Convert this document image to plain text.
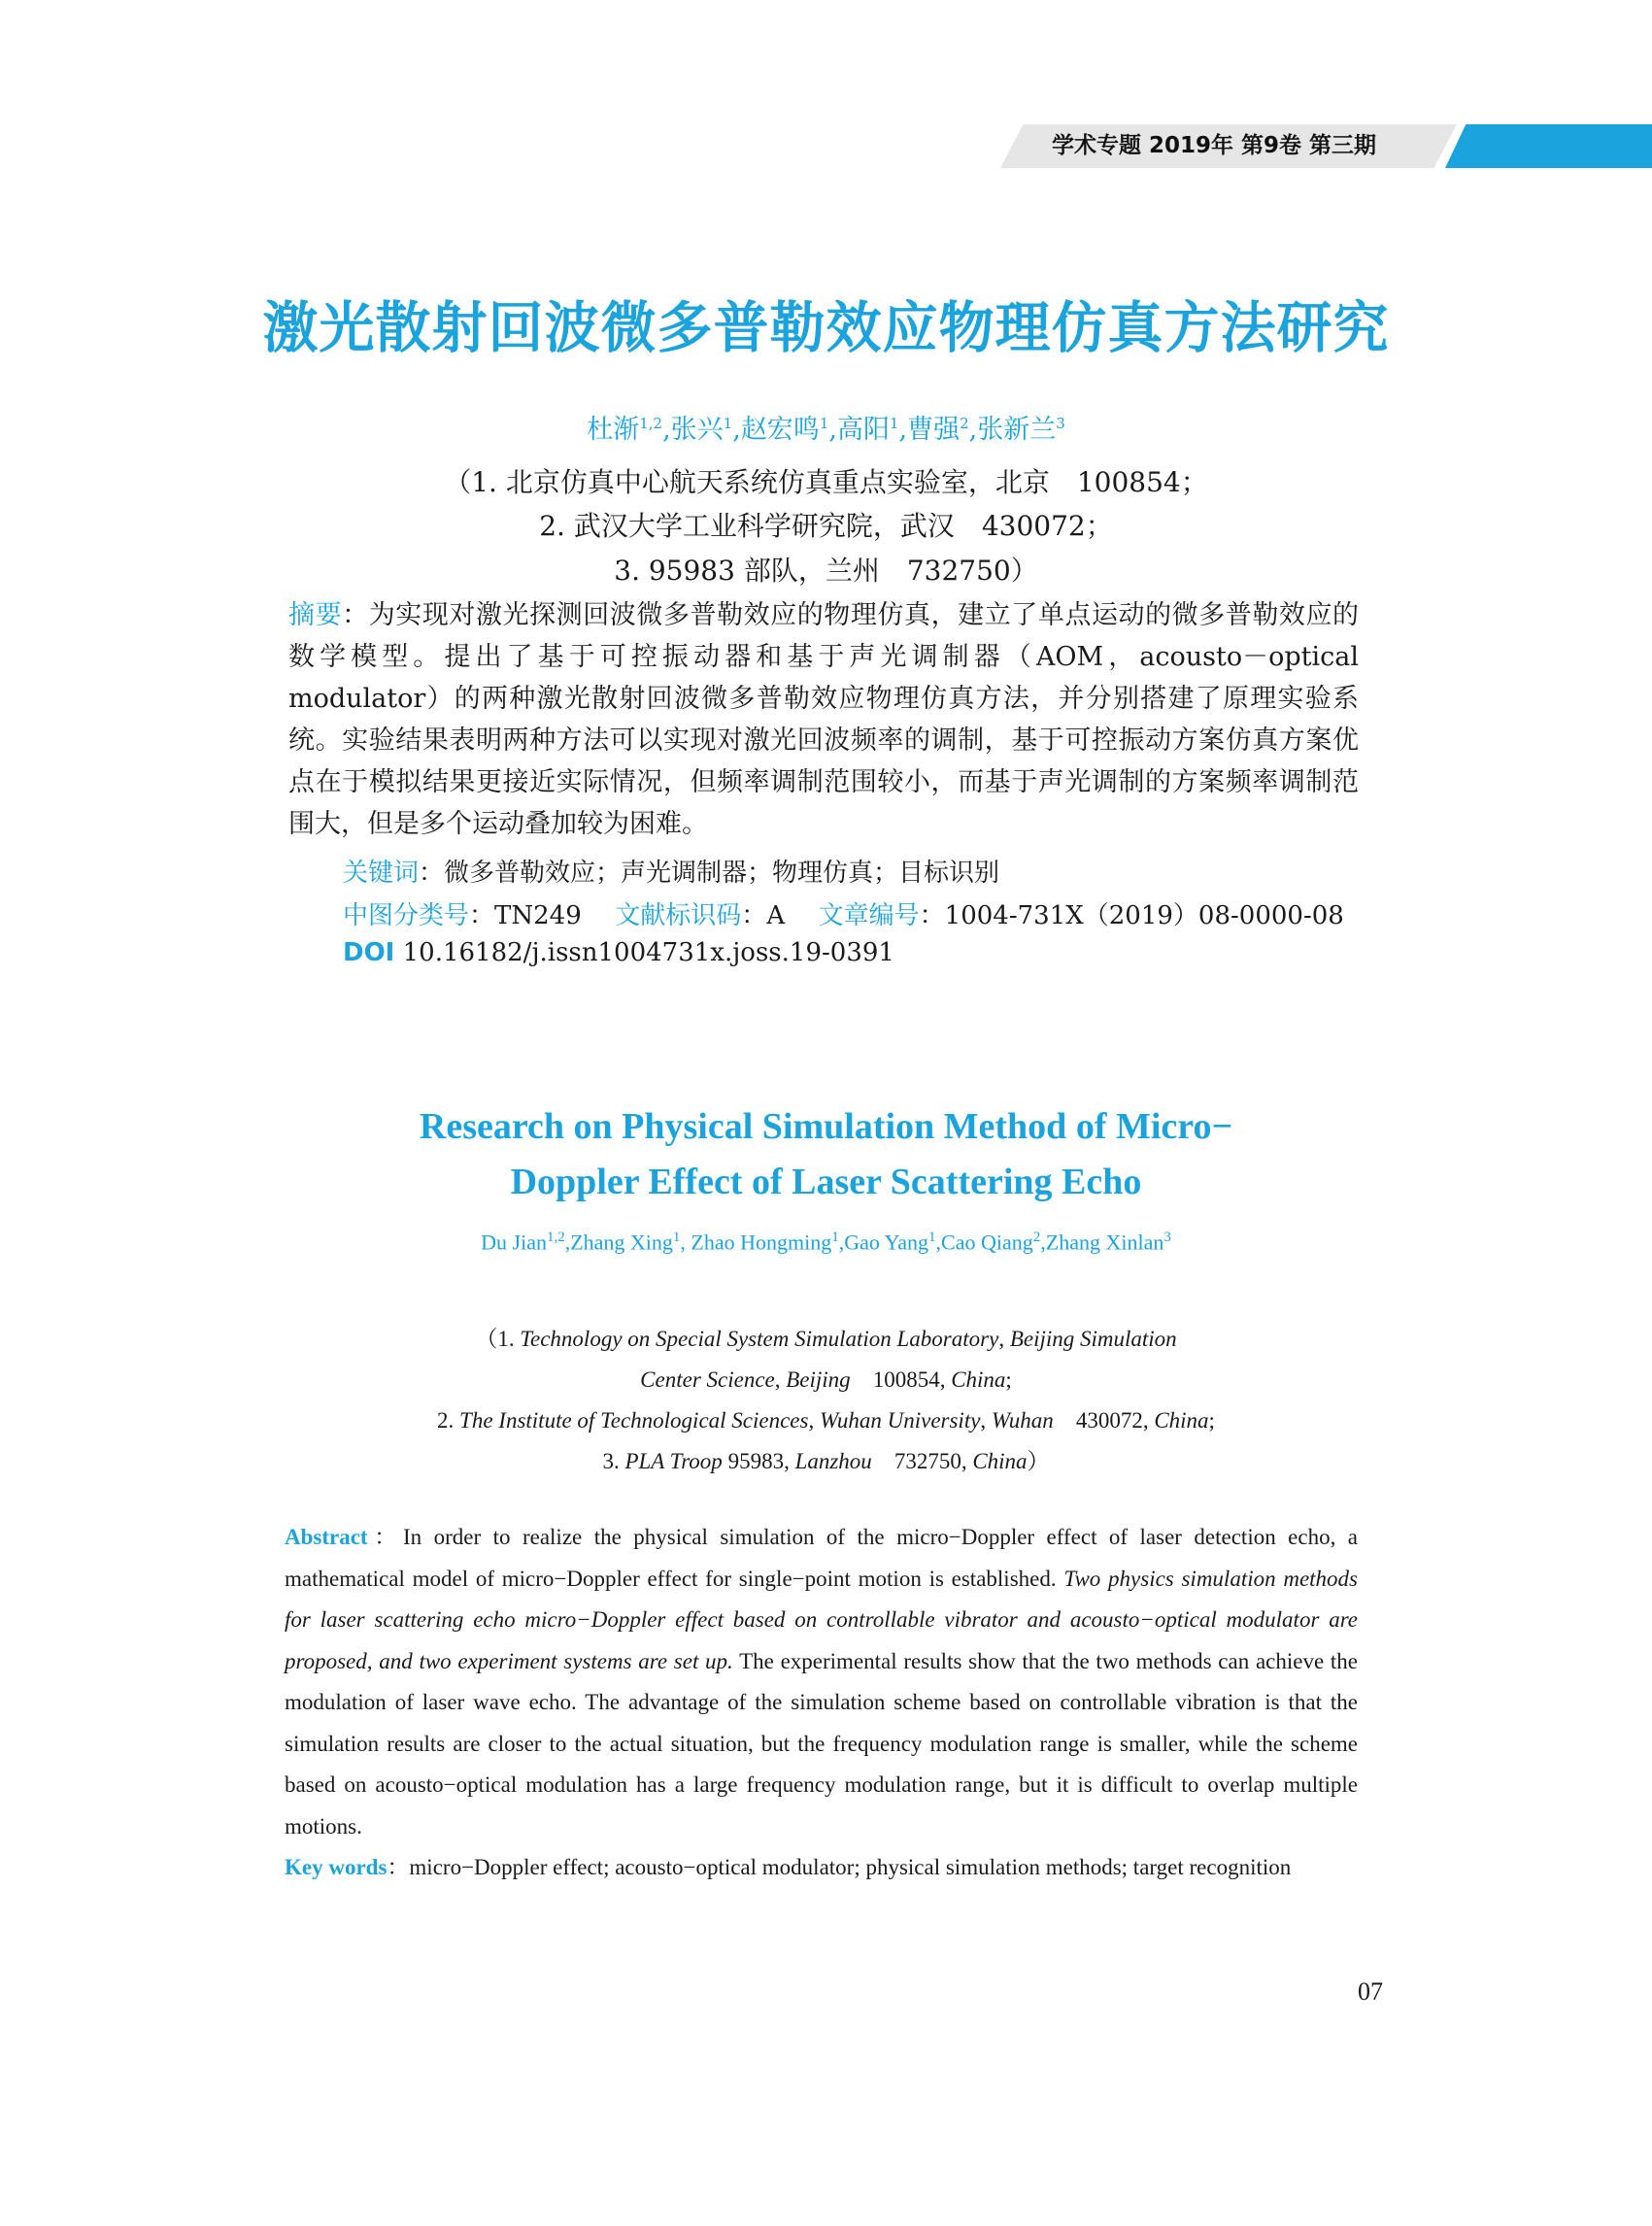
学术专题 2019年 第9卷 第三期
激光散射回波微多普勒效应物理仿真方法研究
杜渐$^{1,2}$,张兴$^1$,赵宏鸣$^1$,高阳$^1$,曹强$^2$,张新兰$^3$
（1. 北京仿真中心航天系统仿真重点实验室，北京　100854；
2. 武汉大学工业科学研究院，武汉　430072；
3. 95983 部队，兰州　732750）
摘要：为实现对激光探测回波微多普勒效应的物理仿真，建立了单点运动的微多普勒效应的数学模型。提出了基于可控振动器和基于声光调制器（AOM，acousto－optical modulator）的两种激光散射回波微多普勒效应物理仿真方法，并分别搭建了原理实验系统。实验结果表明两种方法可以实现对激光回波频率的调制，基于可控振动方案仿真方案优点在于模拟结果更接近实际情况，但频率调制范围较小，而基于声光调制的方案频率调制范围大，但是多个运动叠加较为困难。
关键词：微多普勒效应；声光调制器；物理仿真；目标识别
中图分类号：TN249 文献标识码：A 文章编号：1004-731X（2019）08-0000-08
DOI 10.16182/j.issn1004731x.joss.19-0391
Research on Physical Simulation Method of Micro−
Doppler Effect of Laser Scattering Echo
Du Jian$^{1,2}$,Zhang Xing$^1$, Zhao Hongming$^1$,Gao Yang$^1$,Cao Qiang$^2$,Zhang Xinlan$^3$
（1. Technology on Special System Simulation Laboratory, Beijing Simulation
Center Science, Beijing　 100854, China;
2. The Institute of Technological Sciences, Wuhan University, Wuhan　 430072, China;
3. PLA Troop 95983, Lanzhou　 732750, China）
Abstract：In order to realize the physical simulation of the micro−Doppler effect of laser detection echo, a mathematical model of micro−Doppler effect for single−point motion is established. Two physics simulation methods for laser scattering echo micro−Doppler effect based on controllable vibrator and acousto−optical modulator are proposed, and two experiment systems are set up. The experimental results show that the two methods can achieve the modulation of laser wave echo. The advantage of the simulation scheme based on controllable vibration is that the simulation results are closer to the actual situation, but the frequency modulation range is smaller, while the scheme based on acousto−optical modulation has a large frequency modulation range, but it is difficult to overlap multiple motions.
Key words：micro−Doppler effect; acousto−optical modulator; physical simulation methods; target recognition
07
